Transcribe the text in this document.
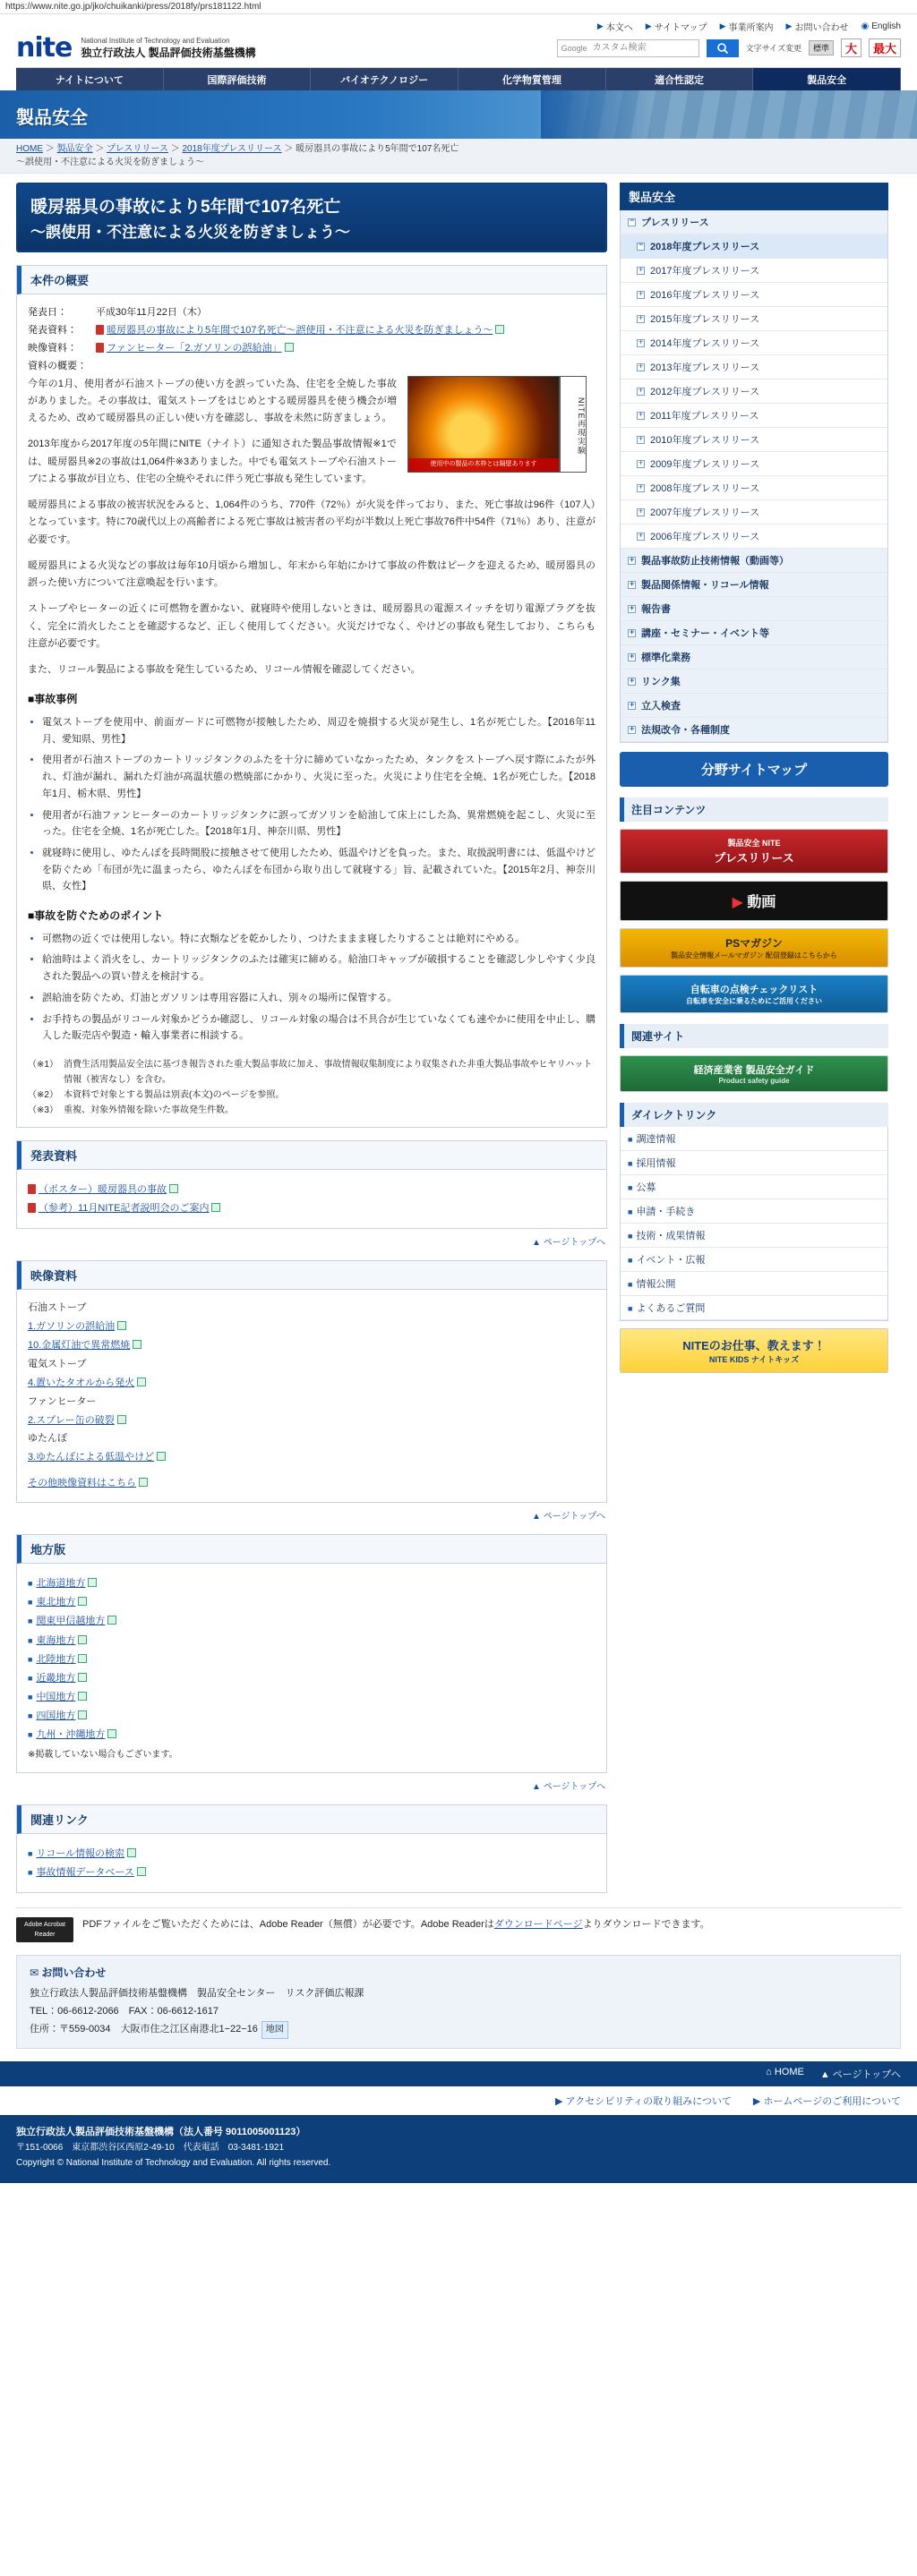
https://www.nite.go.jp/jko/chuikanki/press/2018fy/prs181122.html
▶ 本文へ ▶ サイトマップ ▶ 事業所案内 ▶ お問い合わせ ◉ English
nite National Institute of Technology and Evaluation
独立行政法人 製品評価技術基盤機構	Google
カスタム検索	文字サイズ変更	標準	大	最大
ナイトについて	国際評価技術	バイオテクノロジー	化学物質管理	適合性認定	製品安全
製品安全
HOME ＞ 製品安全 ＞ プレスリリース ＞ 2018年度プレスリリース ＞ 暖房器具の事故により5年間で107名死亡
～誤使用・不注意による火災を防ぎましょう～
暖房器具の事故により5年間で107名死亡
～誤使用・不注意による火災を防ぎましょう～
本件の概要
発表日：	平成30年11月22日（木）
発表資料：	暖房器具の事故により5年間で107名死亡～誤使用・不注意による火災を防ぎましょう～
映像資料：	ファンヒーター「2.ガソリンの誤給油」
資料の概要：	
使用中の製品の木枠とは隔壁あります
NITE再現実験

今年の1月、使用者が石油ストーブの使い方を誤っていた為、住宅を全焼した事故がありました。その事故は、電気ストーブをはじめとする暖房器具を使う機会が増えるため、改めて暖房器具の正しい使い方を確認し、事故を未然に防ぎましょう。

2013年度から2017年度の5年間にNITE（ナイト）に通知された製品事故情報※1では、暖房器具※2の事故は1,064件※3ありました。中でも電気ストーブや石油ストーブによる事故が目立ち、住宅の全焼やそれに伴う死亡事故も発生しています。

暖房器具による事故の被害状況をみると、1,064件のうち、770件（72％）が火災を伴っており、また、死亡事故は96件（107人）となっています。特に70歳代以上の高齢者による死亡事故は被害者の平均が半数以上死亡事故76件中54件（71％）あり、注意が必要です。

暖房器具による火災などの事故は毎年10月頃から増加し、年末から年始にかけて事故の件数はピークを迎えるため、暖房器具の誤った使い方について注意喚起を行います。

ストーブやヒーターの近くに可燃物を置かない、就寝時や使用しないときは、暖房器具の電源スイッチを切り電源プラグを抜く、完全に消火したことを確認するなど、正しく使用してください。火災だけでなく、やけどの事故も発生しており、こちらも注意が必要です。

また、リコール製品による事故を発生しているため、リコール情報を確認してください。

■事故事例
• 電気ストーブを使用中、前面ガードに可燃物が接触したため、周辺を焼損する火災が発生し、1名が死亡した。【2016年11月、愛知県、男性】
• 使用者が石油ストーブのカートリッジタンクのふたを十分に締めていなかったため、タンクをストーブへ戻す際にふたが外れ、灯油が漏れ、漏れた灯油が高温状態の燃焼部にかかり、火災に至った。火災により住宅を全焼、1名が死亡した。【2018年1月、栃木県、男性】
• 使用者が石油ファンヒーターのカートリッジタンクに誤ってガソリンを給油して床上にした為、異常燃焼を起こし、火災に至った。住宅を全焼、1名が死亡した。【2018年1月、神奈川県、男性】
• 就寝時に使用し、ゆたんぽを長時間股に接触させて使用したため、低温やけどを負った。また、取扱説明書には、低温やけどを防ぐため「布団が先に温まったら、ゆたんぽを布団から取り出して就寝する」旨、記載されていた。【2015年2月、神奈川県、女性】
■事故を防ぐためのポイント
• 可燃物の近くでは使用しない。特に衣類などを乾かしたり、つけたままま寝したりすることは絶対にやめる。
• 給油時はよく消火をし、カートリッジタンクのふたは確実に締める。給油口キャップが破損することを確認し少しやすく少良された製品への買い替えを検討する。
• 誤給油を防ぐため、灯油とガソリンは専用容器に入れ、別々の場所に保管する。
• お手持ちの製品がリコール対象かどうか確認し、リコール対象の場合は不具合が生じていなくても速やかに使用を中止し、購入した販売店や製造・輸入事業者に相談する。
（※1） 消費生活用製品安全法に基づき報告された重大製品事故に加え、事故情報収集制度により収集された非重大製品事故やヒヤリハット情報（被害なし）を含む。
（※2） 本資料で対象とする製品は別表(本文)のページを参照。
（※3） 重複、対象外情報を除いた事故発生件数。
発表資料
（ポスター）暖房器具の事故
（参考）11月NITE記者説明会のご案内
▲ ページトップへ
映像資料
石油ストーブ
1.ガソリンの誤給油
10.金属灯油で異常燃焼
電気ストーブ
4.置いたタオルから発火
ファンヒーター
2.スプレー缶の破裂
ゆたんぽ
3.ゆたんぽによる低温やけど
その他映像資料はこちら
▲ ページトップへ
地方版
■ 北海道地方
■ 東北地方
■ 関東甲信越地方
■ 東海地方
■ 北陸地方
■ 近畿地方
■ 中国地方
■ 四国地方
■ 九州・沖縄地方
※掲載していない場合もございます。
▲ ページトップへ
関連リンク
■ リコール情報の検索
■ 事故情報データベース
製品安全
−
プレスリリース
−
2018年度プレスリリース
+
2017年度プレスリリース
+
2016年度プレスリリース
+
2015年度プレスリリース
+
2014年度プレスリリース
+
2013年度プレスリリース
+
2012年度プレスリリース
+
2011年度プレスリリース
+
2010年度プレスリリース
+
2009年度プレスリリース
+
2008年度プレスリリース
+
2007年度プレスリリース
+
2006年度プレスリリース
+
製品事故防止技術情報（動画等）
+
製品関係情報・リコール情報
+
報告書
+
講座・セミナー・イベント等
+
標準化業務
+
リンク集
+
立入検査
+
法規改令・各種制度
分野サイトマップ
注目コンテンツ
製品安全 NITE
プレスリリース
▶ 動画
PSマガジン
製品安全情報メールマガジン 配信登録はこちらから
自転車の点検チェックリスト
自転車を安全に乗るためにご活用ください
関連サイト
経済産業省 製品安全ガイド
Product safety guide
ダイレクトリンク
■ 調達情報
■ 採用情報
■ 公募
■ 申請・手続き
■ 技術・成果情報
■ イベント・広報
■ 情報公開
■ よくあるご質問
NITEのお仕事、教えます！
NITE KIDS ナイトキッズ
Adobe Acrobat Reader
PDFファイルをご覧いただくためには、Adobe Reader（無償）が必要です。Adobe Readerはダウンロードページよりダウンロードできます。
✉ お問い合わせ
独立行政法人製品評価技術基盤機構　製品安全センター　リスク評価広報課
TEL：06-6612-2066　FAX：06-6612-1617
住所：〒559-0034　大阪市住之江区南港北1−22−16 地図
⌂ HOME ▲ ページトップへ
▶ アクセシビリティの取り組みについて ▶ ホームページのご利用について
独立行政法人製品評価技術基盤機構（法人番号 9011005001123）
〒151-0066　東京都渋谷区西原2-49-10　代表電話　03-3481-1921
Copyright © National Institute of Technology and Evaluation. All rights reserved.
